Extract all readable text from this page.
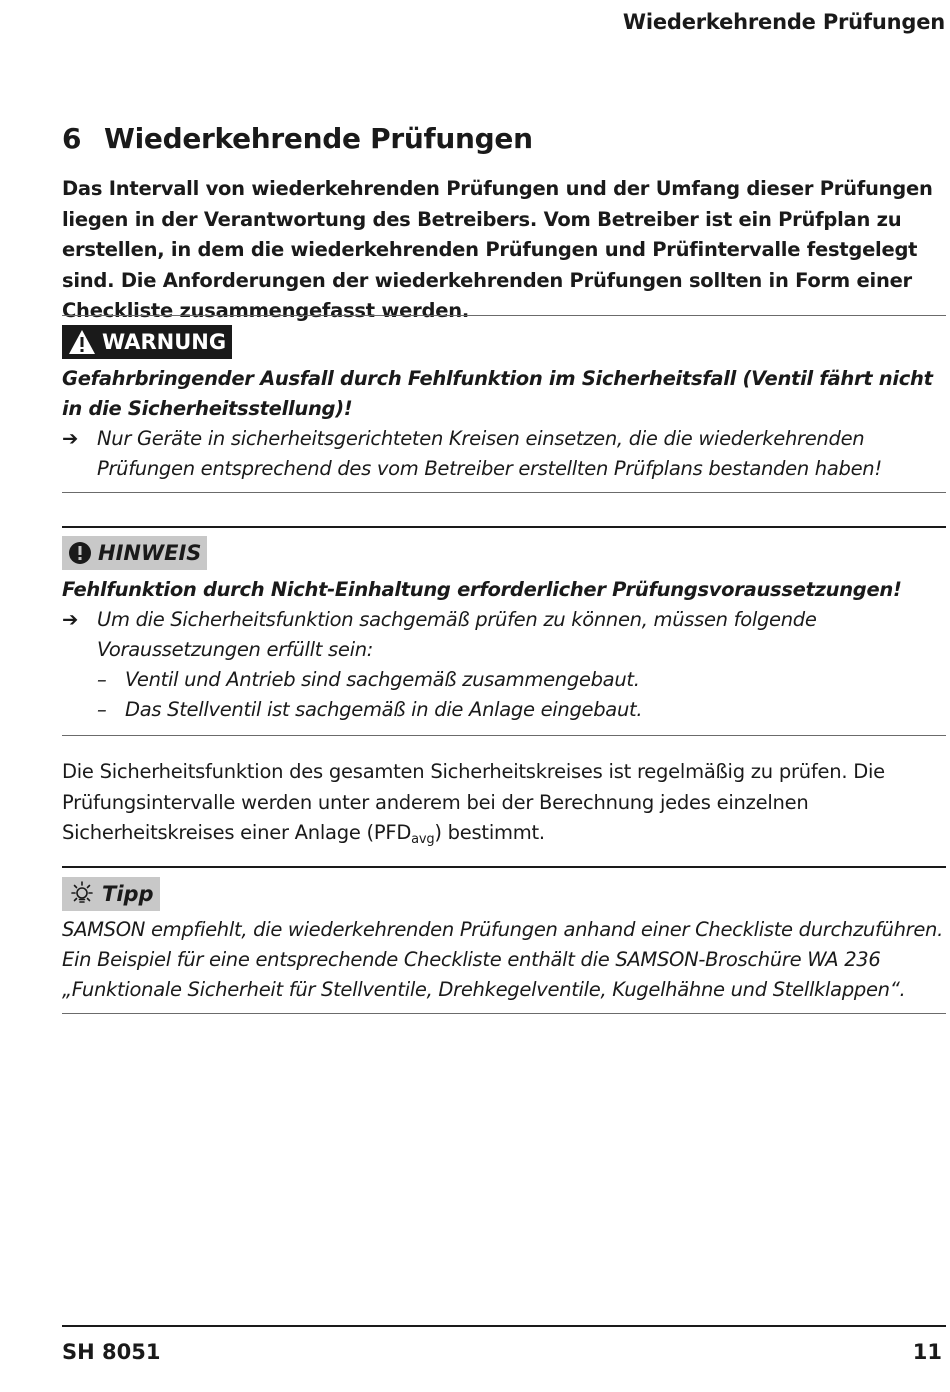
Wiederkehrende Prüfungen
6 Wiederkehrende Prüfungen
Das Intervall von wiederkehrenden Prüfungen und der Umfang dieser Prüfungen liegen in der Verantwortung des Betreibers. Vom Betreiber ist ein Prüfplan zu erstellen, in dem die wiederkehrenden Prüfungen und Prüfintervalle festgelegt sind. Die Anforderungen der wiederkehrenden Prüfungen sollten in Form einer Checkliste zusammengefasst werden.
WARNUNG
Gefahrbringender Ausfall durch Fehlfunktion im Sicherheitsfall (Ventil fährt nicht in die Sicherheitsstellung)!
➔ Nur Geräte in sicherheitsgerichteten Kreisen einsetzen, die die wiederkehrenden Prüfungen entsprechend des vom Betreiber erstellten Prüfplans bestanden haben!
HINWEIS
Fehlfunktion durch Nicht-Einhaltung erforderlicher Prüfungsvoraussetzungen!
➔ Um die Sicherheitsfunktion sachgemäß prüfen zu können, müssen folgende Voraussetzungen erfüllt sein:
– Ventil und Antrieb sind sachgemäß zusammengebaut.
– Das Stellventil ist sachgemäß in die Anlage eingebaut.
Die Sicherheitsfunktion des gesamten Sicherheitskreises ist regelmäßig zu prüfen. Die Prüfungsintervalle werden unter anderem bei der Berechnung jedes einzelnen Sicherheitskreises einer Anlage $(PFD_{avg})$ bestimmt.
Tipp
SAMSON empfiehlt, die wiederkehrenden Prüfungen anhand einer Checkliste durchzuführen. Ein Beispiel für eine entsprechende Checkliste enthält die SAMSON-Broschüre WA 236 „Funktionale Sicherheit für Stellventile, Drehkegelventile, Kugelhähne und Stellklappen“.
SH 8051	11
